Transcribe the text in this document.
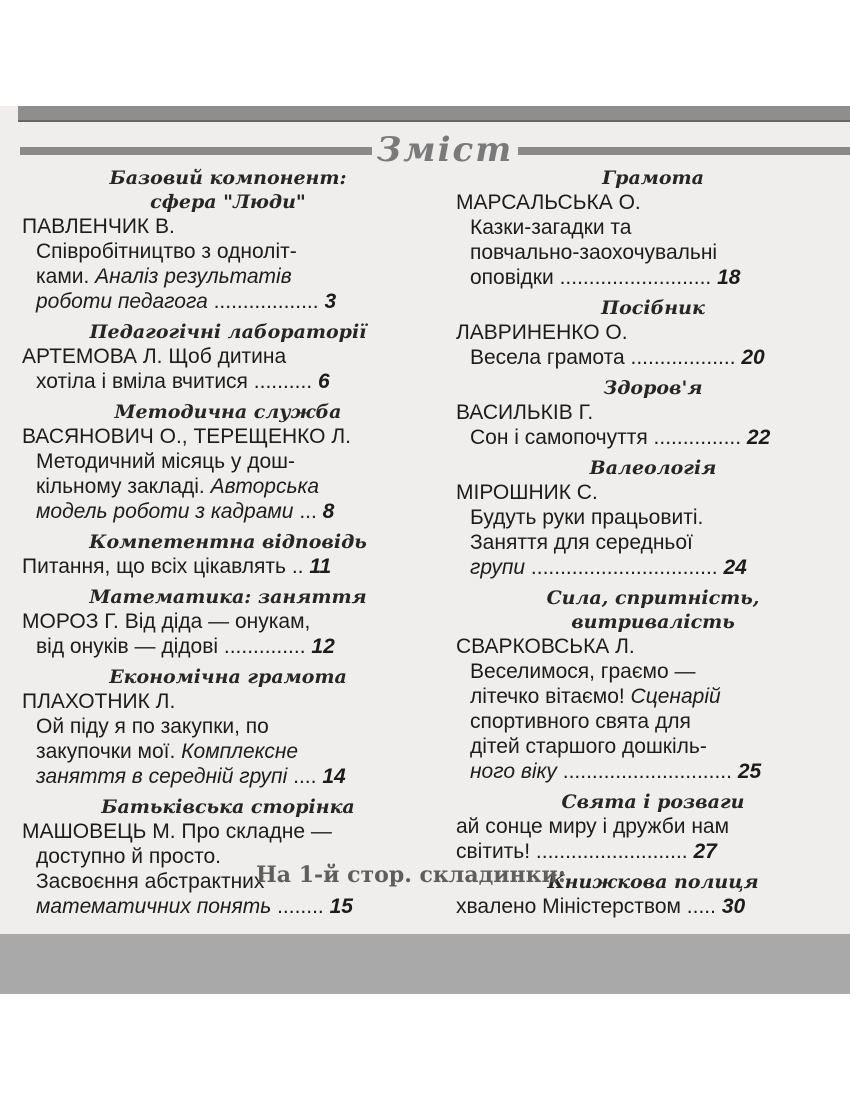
Зміст
Базовий компонент:
сфера "Люди"
ПАВЛЕНЧИК В.
Співробітництво з одноліт-
ками. Аналіз результатів
роботи педагога .................. 3
Педагогічні лабораторії
АРТЕМОВА Л. Щоб дитина
хотіла і вміла вчитися .......... 6
Методична служба
ВАСЯНОВИЧ О., ТЕРЕЩЕНКО Л.
Методичний місяць у дош-
кільному закладі. Авторська
модель роботи з кадрами ... 8
Компетентна відповідь
Питання, що всіх цікавлять .. 11
Математика: заняття
МОРОЗ Г. Від діда — онукам,
від онуків — дідові .............. 12
Економічна грамота
ПЛАХОТНИК Л.
Ой піду я по закупки, по
закупочки мої. Комплексне
заняття в середній групі .... 14
Батьківська сторінка
МАШОВЕЦЬ М. Про складне —
доступно й просто.
Засвоєння абстрактних
математичних понять ........ 15
Грамота
МАРСАЛЬСЬКА О.
Казки-загадки та
повчально-заохочувальні
оповідки .......................... 18
Посібник
ЛАВРИНЕНКО О.
Весела грамота .................. 20
Здоров'я
ВАСИЛЬКІВ Г.
Сон і самопочуття ............... 22
Валеологія
МІРОШНИК С.
Будуть руки працьовиті.
Заняття для середньої
групи ................................ 24
Сила, спритність,
витривалість
СВАРКОВСЬКА Л.
Веселимося, граємо —
літечко вітаємо! Сценарій
спортивного свята для
дітей старшого дошкіль-
ного віку ............................. 25
Свята і розваги
ай сонце миру і дружби нам
світить! .......................... 27
Книжкова полиця
хвалено Міністерством ..... 30
На 1-й стор. складинки:
